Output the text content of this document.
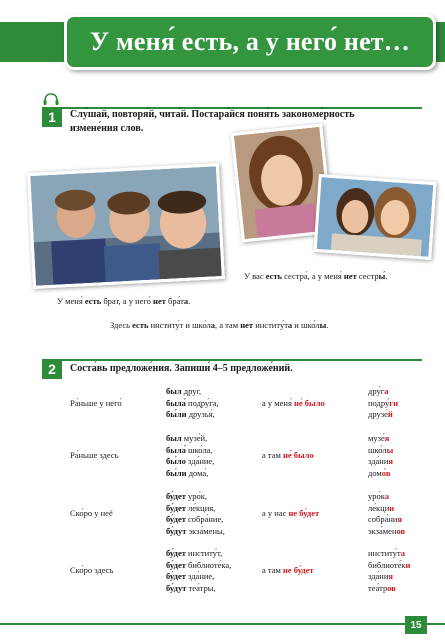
У меня́ есть, а у него́ нет…
1	Слу́шай, повторя́й, чита́й. Постара́йся поня́ть закономе́рность измене́ния слов.
У вас есть сестра́, а у меня́ нет сестры́.
У меня́ есть брат, а у него́ нет бра́та.
Здесь есть институ́т и шко́ла, а там нет институ́та и шко́лы.
2	Соста́вь предложе́ния. Запиши́ 4–5 предложе́ний.
Ра́ньше у него́
был друг,
была́ подру́га,
бы́ли друзья́,
а у меня́ не́ было
дру́га
подру́ги
друзе́й
Ра́ньше здесь
был музе́й,
была́ шко́ла,
бы́ло зда́ние,
бы́ли дома́,
а там не́ было
музе́я
шко́лы
зда́ния
домо́в
Ско́ро у неё
бу́дет уро́к,
бу́дет ле́кция,
бу́дет собра́ние,
бу́дут экза́мены,
а у нас не бу́дет
уро́ка
ле́кции
собра́ния
экза́менов
Ско́ро здесь
бу́дет институ́т,
бу́дет библиоте́ка,
бу́дет зда́ние,
бу́дут теа́тры,
а там не бу́дет
институ́та
библиоте́ки
зда́ния
теа́тров
15
